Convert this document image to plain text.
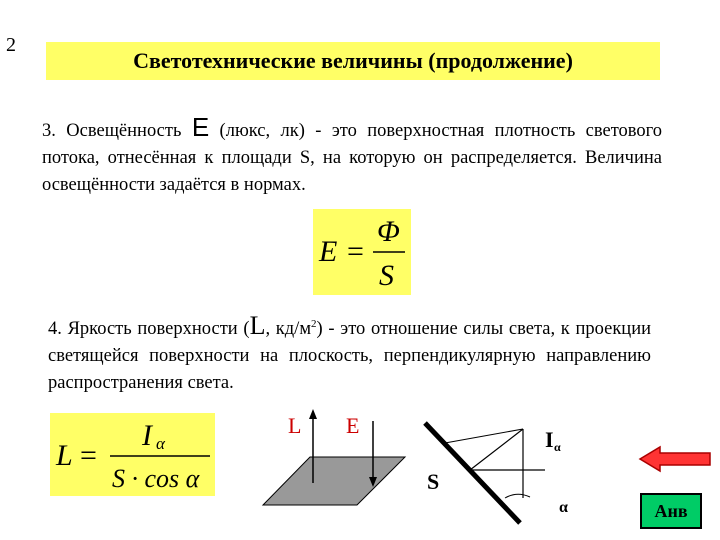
2
Светотехнические величины (продолжение)
3. Освещённость Е (люкс, лк) - это поверхностная плотность светового потока, отнесённая к площади S, на которую он распределяется. Величина освещённости задаётся в нормах.
E =
Φ
S
4. Яркость поверхности (L, $кд/м^2$) - это отношение силы света, к проекции светящейся поверхности на плоскость, перпендикулярную направлению распространения света.
L =
I α
S · cos α
L E
I α
S
α	Анв
